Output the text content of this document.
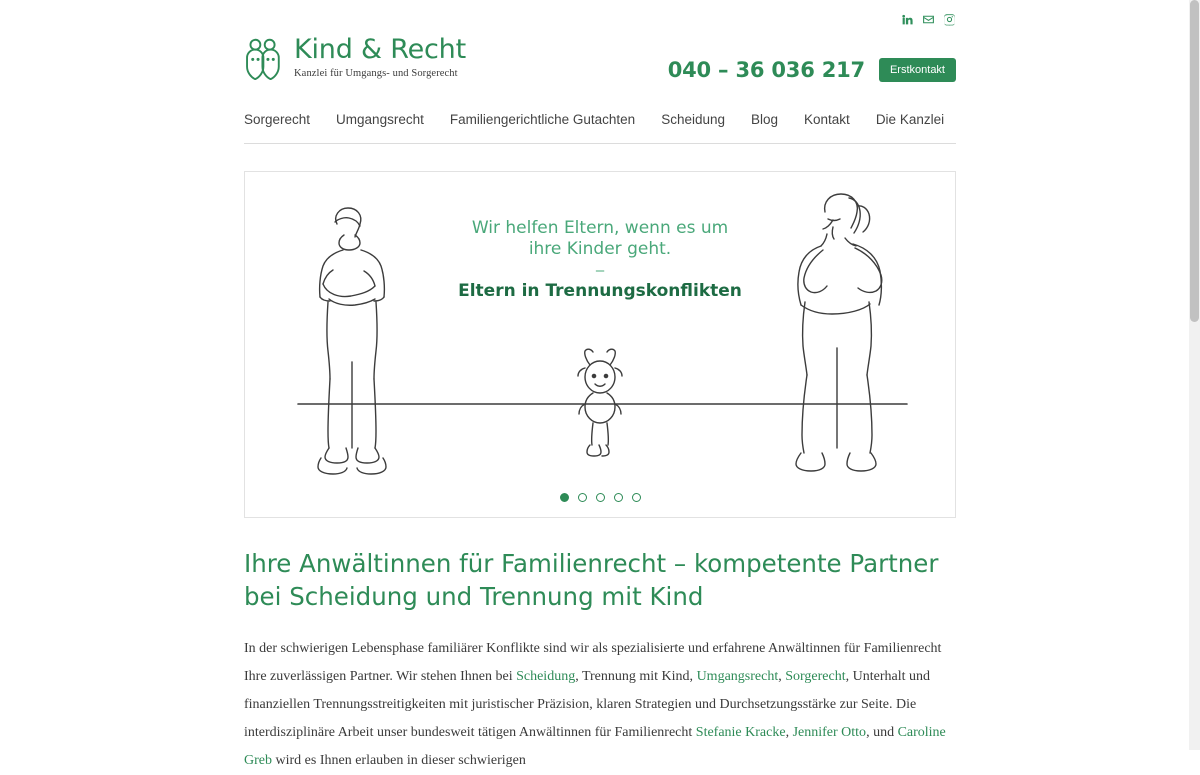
Kind & Recht
Kanzlei für Umgangs- und Sorgerecht	040 – 36 036 217	Erstkontakt
Sorgerecht Umgangsrecht Familiengerichtliche Gutachten Scheidung Blog Kontakt Die Kanzlei
Wir helfen Eltern, wenn es um
ihre Kinder geht.
–
Eltern in Trennungskonflikten
Ihre Anwältinnen für Familienrecht – kompetente Partner bei Scheidung und Trennung mit Kind

In der schwierigen Lebensphase familiärer Konflikte sind wir als spezialisierte und erfahrene Anwältinnen für Familienrecht Ihre zuverlässigen Partner. Wir stehen Ihnen bei Scheidung, Trennung mit Kind, Umgangsrecht, Sorgerecht, Unterhalt und finanziellen Trennungsstreitigkeiten mit juristischer Präzision, klaren Strategien und Durchsetzungsstärke zur Seite. Die interdisziplinäre Arbeit unser bundesweit tätigen Anwältinnen für Familienrecht Stefanie Kracke, Jennifer Otto, und Caroline Greb wird es Ihnen erlauben in dieser schwierigen
